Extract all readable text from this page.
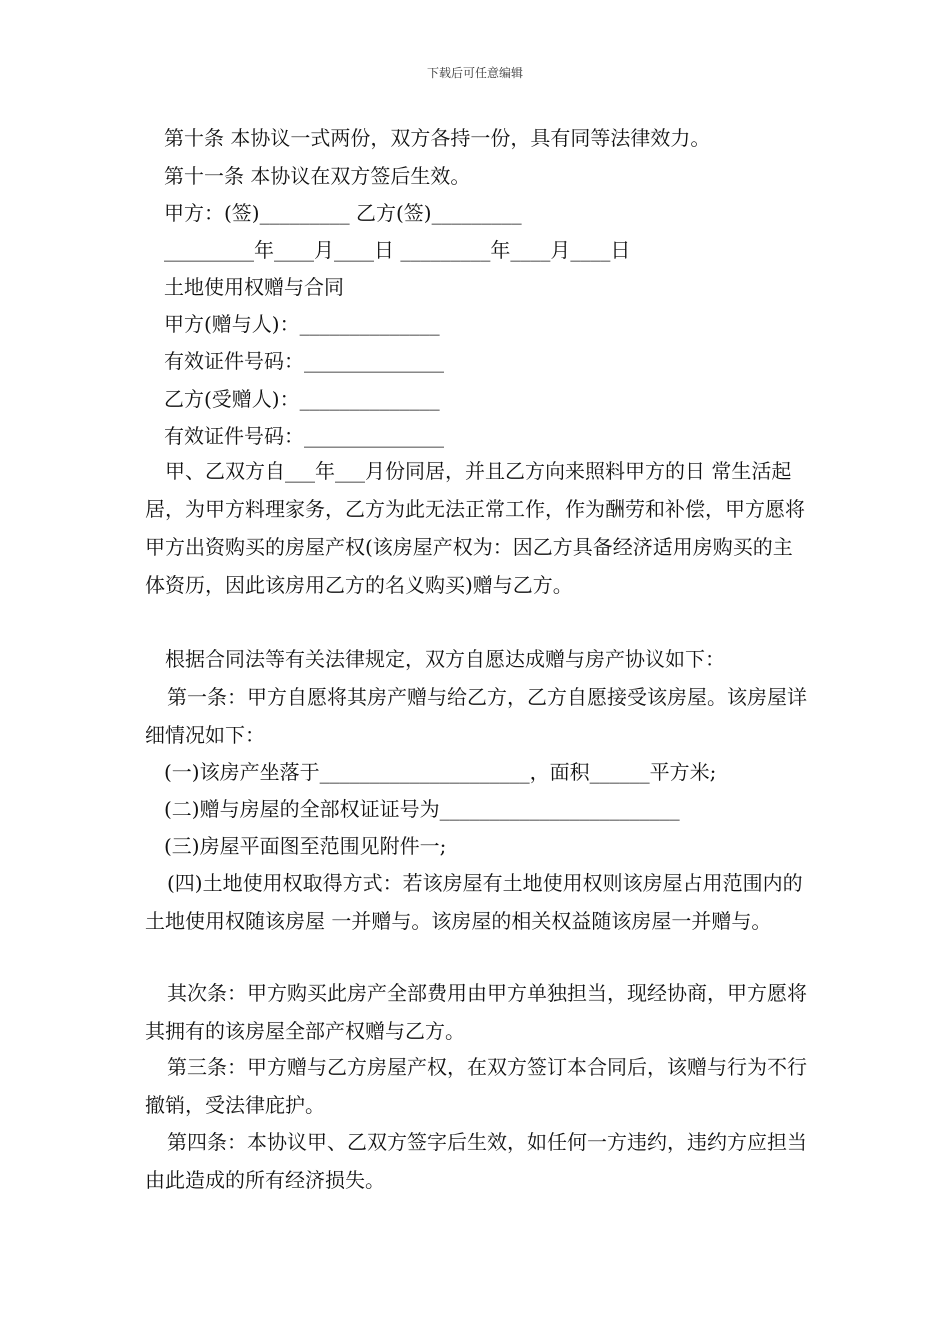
下载后可任意编辑
第十条 本协议一式两份，双方各持一份，具有同等法律效力。
第十一条 本协议在双方签后生效。
甲方：(签)_________ 乙方(签)_________
_________年____月____日 _________年____月____日
土地使用权赠与合同
甲方(赠与人)：______________
有效证件号码：______________
乙方(受赠人)：______________
有效证件号码：______________
甲、乙双方自___年___月份同居，并且乙方向来照料甲方的日 常生活起居，为甲方料理家务，乙方为此无法正常工作，作为酬劳和补偿，甲方愿将甲方出资购买的房屋产权(该房屋产权为：因乙方具备经济适用房购买的主体资历，因此该房用乙方的名义购买)赠与乙方。
根据合同法等有关法律规定，双方自愿达成赠与房产协议如下：
第一条：甲方自愿将其房产赠与给乙方，乙方自愿接受该房屋。该房屋详细情况如下：
(一)该房产坐落于_____________________，面积______平方米;
(二)赠与房屋的全部权证证号为________________________
(三)房屋平面图至范围见附件一;
(四)土地使用权取得方式：若该房屋有土地使用权则该房屋占用范围内的土地使用权随该房屋 一并赠与。该房屋的相关权益随该房屋一并赠与。
其次条：甲方购买此房产全部费用由甲方单独担当，现经协商，甲方愿将其拥有的该房屋全部产权赠与乙方。
第三条：甲方赠与乙方房屋产权，在双方签订本合同后，该赠与行为不行撤销，受法律庇护。
第四条：本协议甲、乙双方签字后生效，如任何一方违约，违约方应担当由此造成的所有经济损失。
